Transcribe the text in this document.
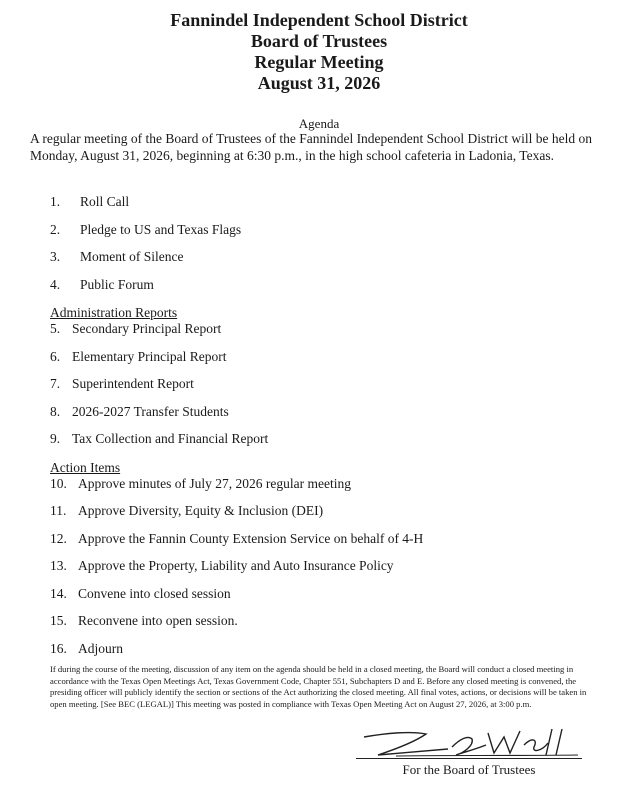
Fannindel Independent School District
Board of Trustees
Regular Meeting
August 31, 2026
Agenda
A regular meeting of the Board of Trustees of the Fannindel Independent School District will be held on Monday, August 31, 2026, beginning at 6:30 p.m., in the high school cafeteria in Ladonia, Texas.
1. Roll Call
2. Pledge to US and Texas Flags
3. Moment of Silence
4. Public Forum
Administration Reports
5. Secondary Principal Report
6. Elementary Principal Report
7. Superintendent Report
8. 2026-2027 Transfer Students
9. Tax Collection and Financial Report
Action Items
10. Approve minutes of July 27, 2026 regular meeting
11. Approve Diversity, Equity & Inclusion (DEI)
12. Approve the Fannin County Extension Service on behalf of 4-H
13. Approve the Property, Liability and Auto Insurance Policy
14. Convene into closed session
15. Reconvene into open session.
16. Adjourn
If during the course of the meeting, discussion of any item on the agenda should be held in a closed meeting, the Board will conduct a closed meeting in accordance with the Texas Open Meetings Act, Texas Government Code, Chapter 551, Subchapters D and E. Before any closed meeting is convened, the presiding officer will publicly identify the section or sections of the Act authorizing the closed meeting. All final votes, actions, or decisions will be taken in open meeting. [See BEC (LEGAL)] This meeting was posted in compliance with Texas Open Meeting Act on August 27, 2026, at 3:00 p.m.
For the Board of Trustees
